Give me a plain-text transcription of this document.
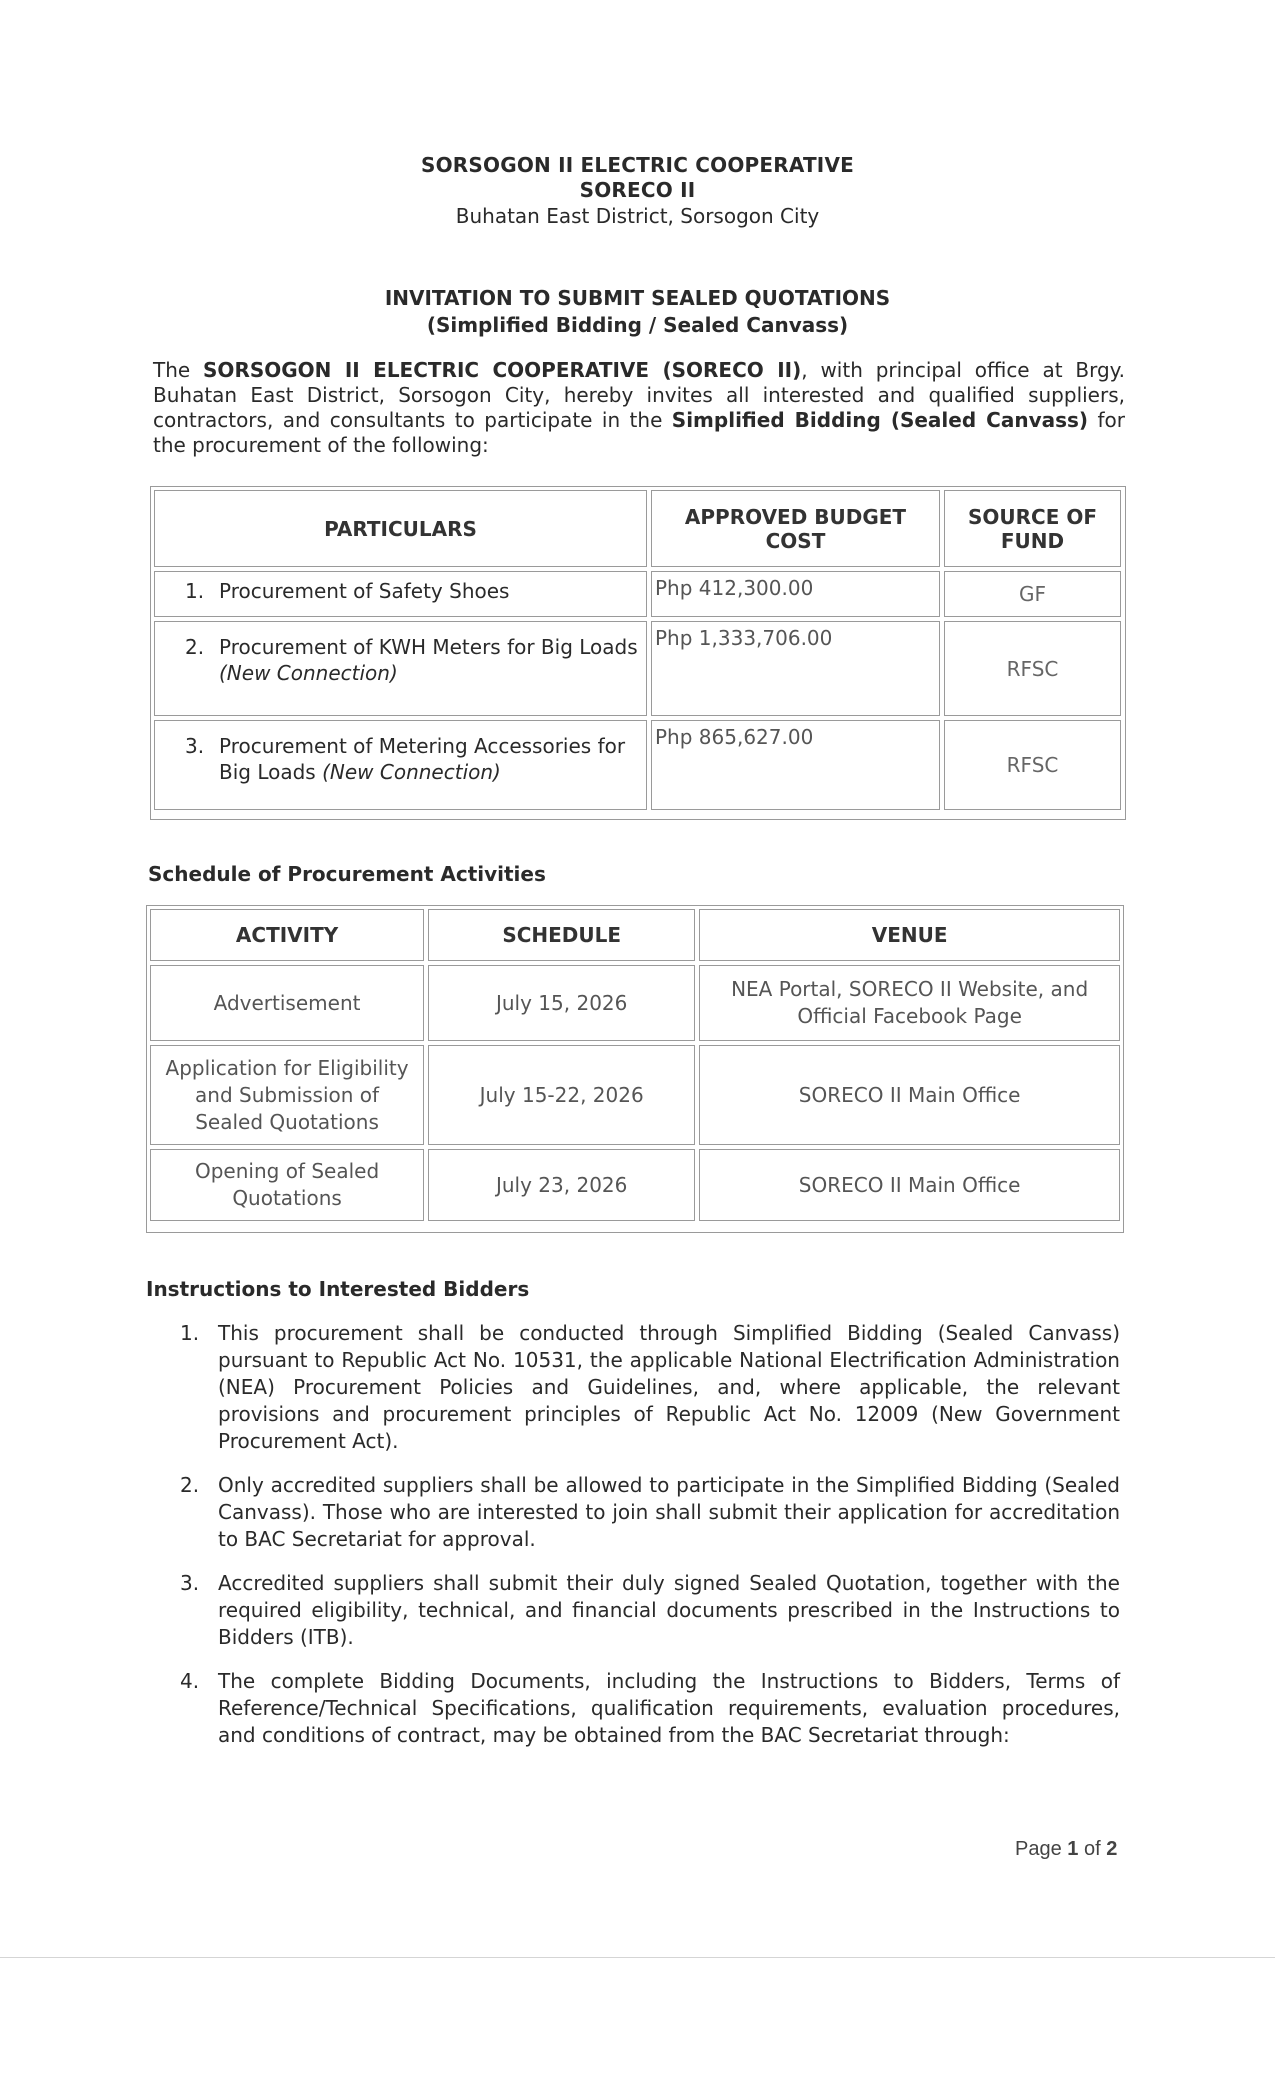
SORSOGON II ELECTRIC COOPERATIVE
SORECO II
Buhatan East District, Sorsogon City
INVITATION TO SUBMIT SEALED QUOTATIONS
(Simplified Bidding / Sealed Canvass)
The SORSOGON II ELECTRIC COOPERATIVE (SORECO II), with principal office at Brgy. Buhatan East District, Sorsogon City, hereby invites all interested and qualified suppliers, contractors, and consultants to participate in the Simplified Bidding (Sealed Canvass) for the procurement of the following:
PARTICULARS	APPROVED BUDGET COST	SOURCE OF FUND
1. Procurement of Safety Shoes	Php 412,300.00	GF

2. Procurement of KWH Meters for Big Loads (New Connection)	Php 1,333,706.00	RFSC

3. Procurement of Metering Accessories for Big Loads (New Connection)	Php 865,627.00	RFSC
Schedule of Procurement Activities
ACTIVITY	SCHEDULE	VENUE
Advertisement	July 15, 2026	NEA Portal, SORECO II Website, and Official Facebook Page
Application for Eligibility and Submission of Sealed Quotations	July 15-22, 2026	SORECO II Main Office
Opening of Sealed Quotations	July 23, 2026	SORECO II Main Office
Instructions to Interested Bidders
1. This procurement shall be conducted through Simplified Bidding (Sealed Canvass) pursuant to Republic Act No. 10531, the applicable National Electrification Administration (NEA) Procurement Policies and Guidelines, and, where applicable, the relevant provisions and procurement principles of Republic Act No. 12009 (New Government Procurement Act).
2. Only accredited suppliers shall be allowed to participate in the Simplified Bidding (Sealed Canvass). Those who are interested to join shall submit their application for accreditation to BAC Secretariat for approval.
3. Accredited suppliers shall submit their duly signed Sealed Quotation, together with the required eligibility, technical, and financial documents prescribed in the Instructions to Bidders (ITB).
4. The complete Bidding Documents, including the Instructions to Bidders, Terms of Reference/Technical Specifications, qualification requirements, evaluation procedures, and conditions of contract, may be obtained from the BAC Secretariat through:
Page 1 of 2
